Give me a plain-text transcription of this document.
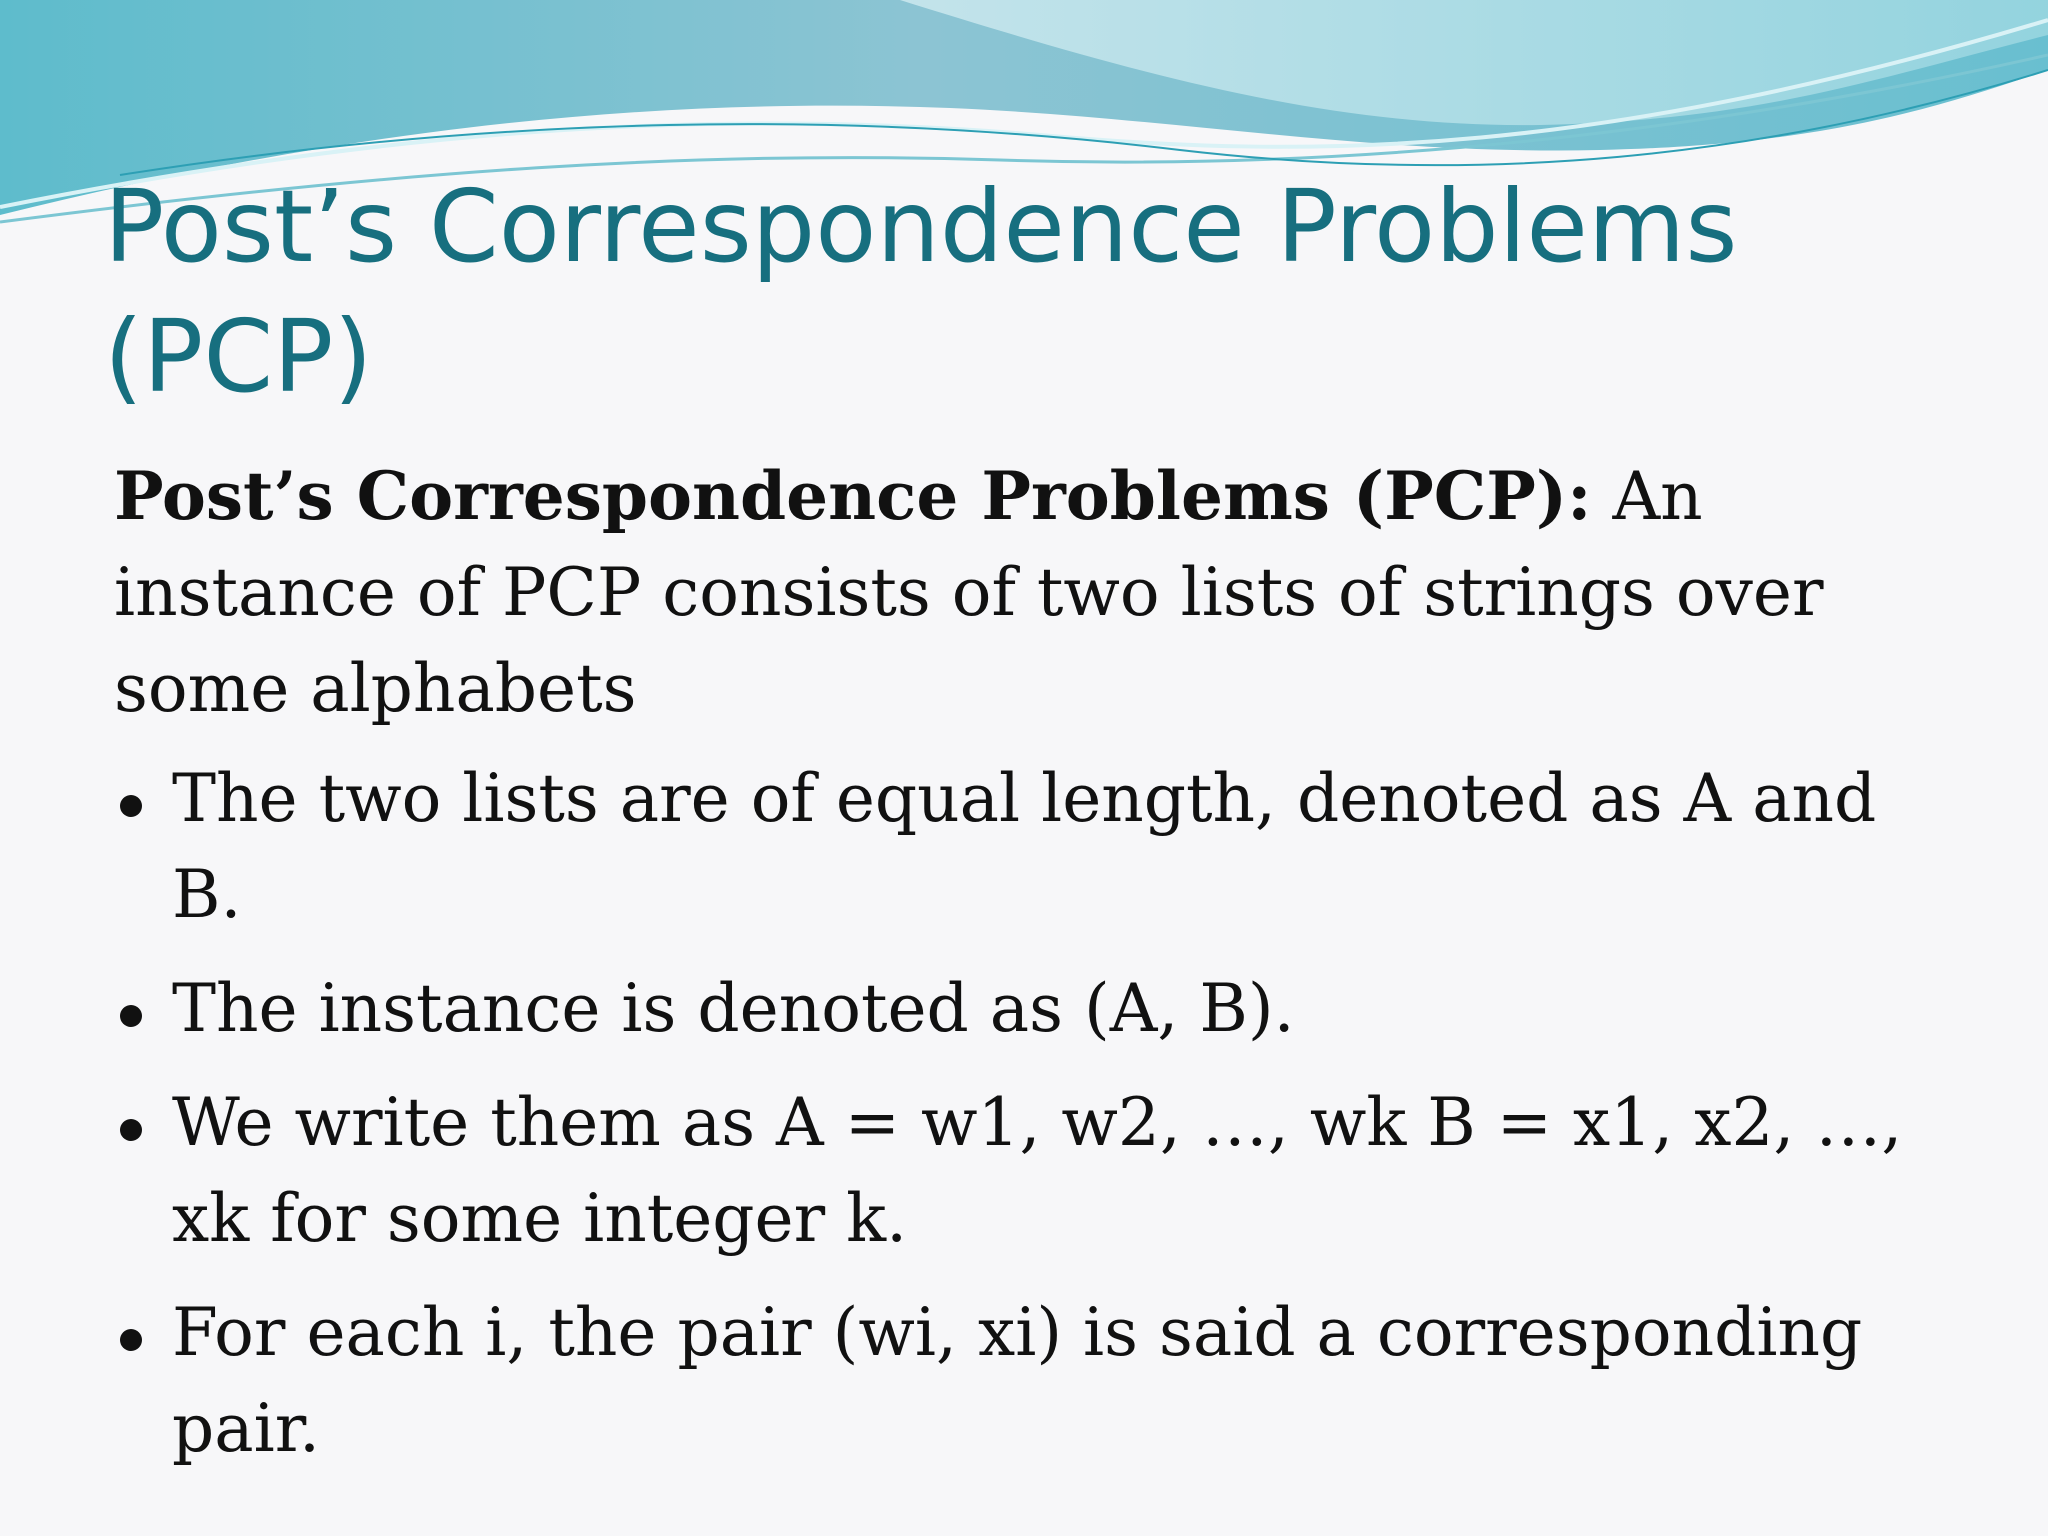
Post’s Correspondence Problems (PCP)

Post’s Correspondence Problems (PCP): An instance of PCP consists of two lists of strings over some alphabets

The two lists are of equal length, denoted as A and B.
The instance is denoted as (A, B).
We write them as A = w1, w2, …, wk B = x1, x2, …, xk for some integer k.
For each i, the pair (wi, xi) is said a corresponding pair.
